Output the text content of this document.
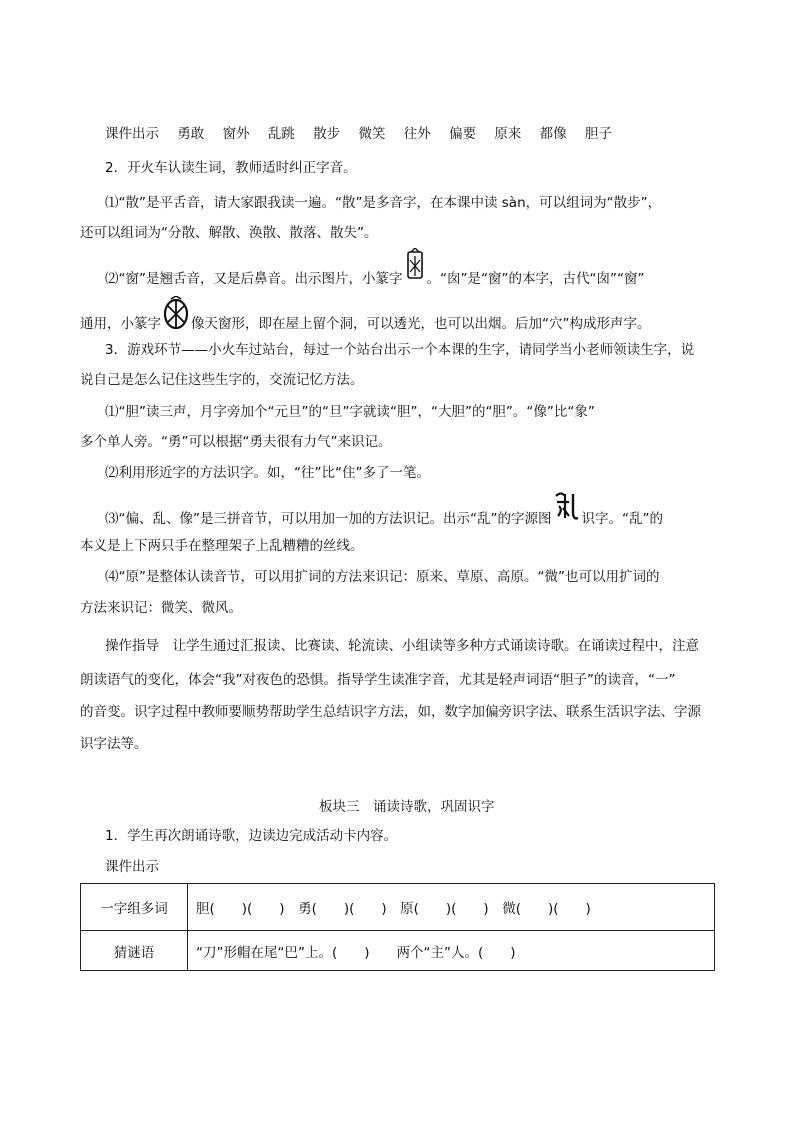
课件出示 勇敢 窗外 乱跳 散步 微笑 往外 偏要 原来 都像 胆子
2．开火车认读生词，教师适时纠正字音。
⑴“散”是平舌音，请大家跟我读一遍。“散”是多音字，在本课中读 sàn，可以组词为“散步”，
还可以组词为“分散、解散、涣散、散落、散失”。
⑵“窗”是翘舌音，又是后鼻音。出示图片，小篆字 。“囱”是“窗”的本字，古代“囱”“窗”
通用，小篆字 像天窗形，即在屋上留个洞，可以透光，也可以出烟。后加“穴”构成形声字。
3．游戏环节——小火车过站台，每过一个站台出示一个本课的生字，请同学当小老师领读生字，说
说自己是怎么记住这些生字的，交流记忆方法。
⑴“胆”读三声，月字旁加个“元旦”的“旦”字就读“胆”，“大胆”的“胆”。“像”比“象”
多个单人旁。“勇”可以根据“勇夫很有力气”来识记。
⑵利用形近字的方法识字。如，“往”比“住”多了一笔。
⑶“偏、乱、像”是三拼音节，可以用加一加的方法识记。出示“乱”的字源图 识字。“乱”的
本义是上下两只手在整理架子上乱糟糟的丝线。
⑷“原”是整体认读音节，可以用扩词的方法来识记：原来、草原、高原。“微”也可以用扩词的
方法来识记：微笑、微风。
操作指导　让学生通过汇报读、比赛读、轮流读、小组读等多种方式诵读诗歌。在诵读过程中，注意
朗读语气的变化，体会“我”对夜色的恐惧。指导学生读准字音，尤其是轻声词语“胆子”的读音，“一”
的音变。识字过程中教师要顺势帮助学生总结识字方法，如，数字加偏旁识字法、联系生活识字法、字源
识字法等。
板块三　诵读诗歌，巩固识字
1．学生再次朗诵诗歌，边读边完成活动卡内容。
课件出示
一字组多词	胆(　　)(　　)　勇(　　)(　　)　原(　　)(　　)　微(　　)(　　)
猜谜语	“刀”形帽在尾“巴”上。(　　)　　两个“主”人。(　　)
